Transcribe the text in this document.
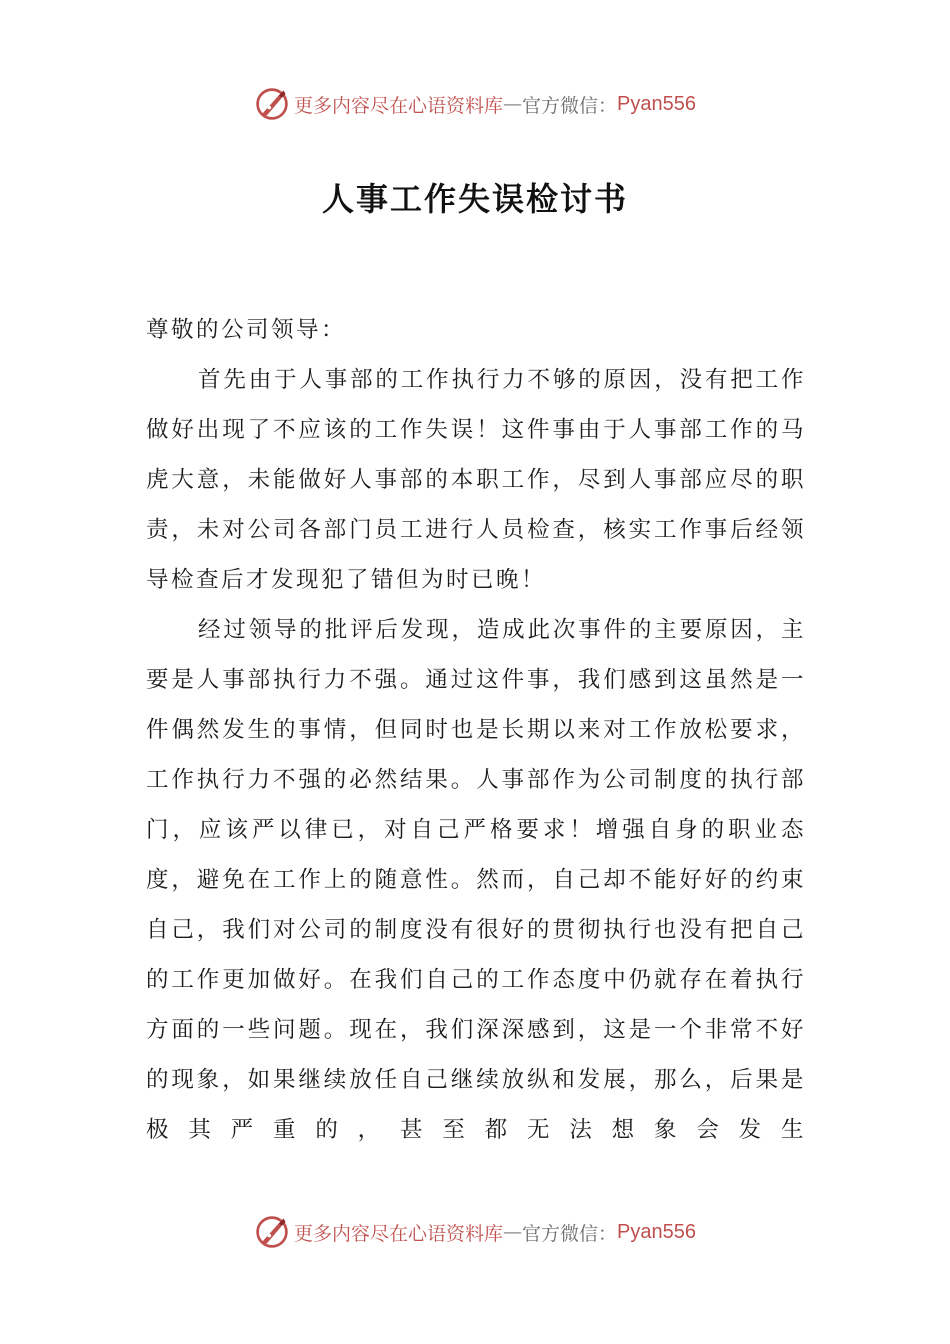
更多内容尽在心语资料库 — 官方微信： Pyan556
人事工作失误检讨书

尊敬的公司领导：

首先由于人事部的工作执行力不够的原因，没有把工作做好出现了不应该的工作失误！这件事由于人事部工作的马虎大意，未能做好人事部的本职工作，尽到人事部应尽的职责，未对公司各部门员工进行人员检查，核实工作事后经领导检查后才发现犯了错但为时已晚！

经过领导的批评后发现，造成此次事件的主要原因，主要是人事部执行力不强。通过这件事，我们感到这虽然是一件偶然发生的事情，但同时也是长期以来对工作放松要求，工作执行力不强的必然结果。人事部作为公司制度的执行部门，应该严以律已，对自己严格要求！增强自身的职业态度，避免在工作上的随意性。然而，自己却不能好好的约束自己，我们对公司的制度没有很好的贯彻执行也没有把自己的工作更加做好。在我们自己的工作态度中仍就存在着执行方面的一些问题。现在，我们深深感到，这是一个非常不好的现象，如果继续放任自己继续放纵和发展，那么，后果是极其严重的，甚至都无法想象会发生

更多内容尽在心语资料库 — 官方微信： Pyan556
